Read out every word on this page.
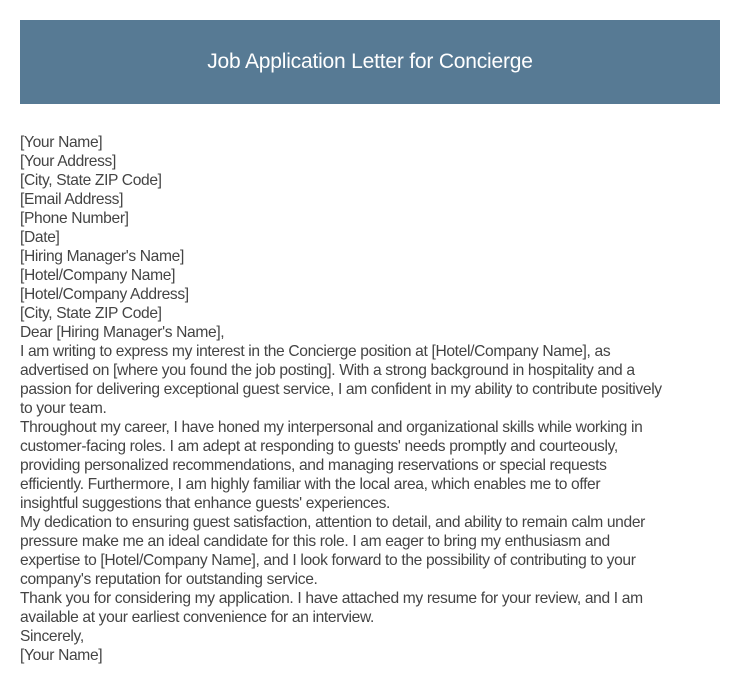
Job Application Letter for Concierge
[Your Name]
[Your Address]
[City, State ZIP Code]
[Email Address]
[Phone Number]
[Date]
[Hiring Manager's Name]
[Hotel/Company Name]
[Hotel/Company Address]
[City, State ZIP Code]
Dear [Hiring Manager's Name],
I am writing to express my interest in the Concierge position at [Hotel/Company Name], as
advertised on [where you found the job posting]. With a strong background in hospitality and a
passion for delivering exceptional guest service, I am confident in my ability to contribute positively
to your team.
Throughout my career, I have honed my interpersonal and organizational skills while working in
customer-facing roles. I am adept at responding to guests' needs promptly and courteously,
providing personalized recommendations, and managing reservations or special requests
efficiently. Furthermore, I am highly familiar with the local area, which enables me to offer
insightful suggestions that enhance guests' experiences.
My dedication to ensuring guest satisfaction, attention to detail, and ability to remain calm under
pressure make me an ideal candidate for this role. I am eager to bring my enthusiasm and
expertise to [Hotel/Company Name], and I look forward to the possibility of contributing to your
company's reputation for outstanding service.
Thank you for considering my application. I have attached my resume for your review, and I am
available at your earliest convenience for an interview.
Sincerely,
[Your Name]
